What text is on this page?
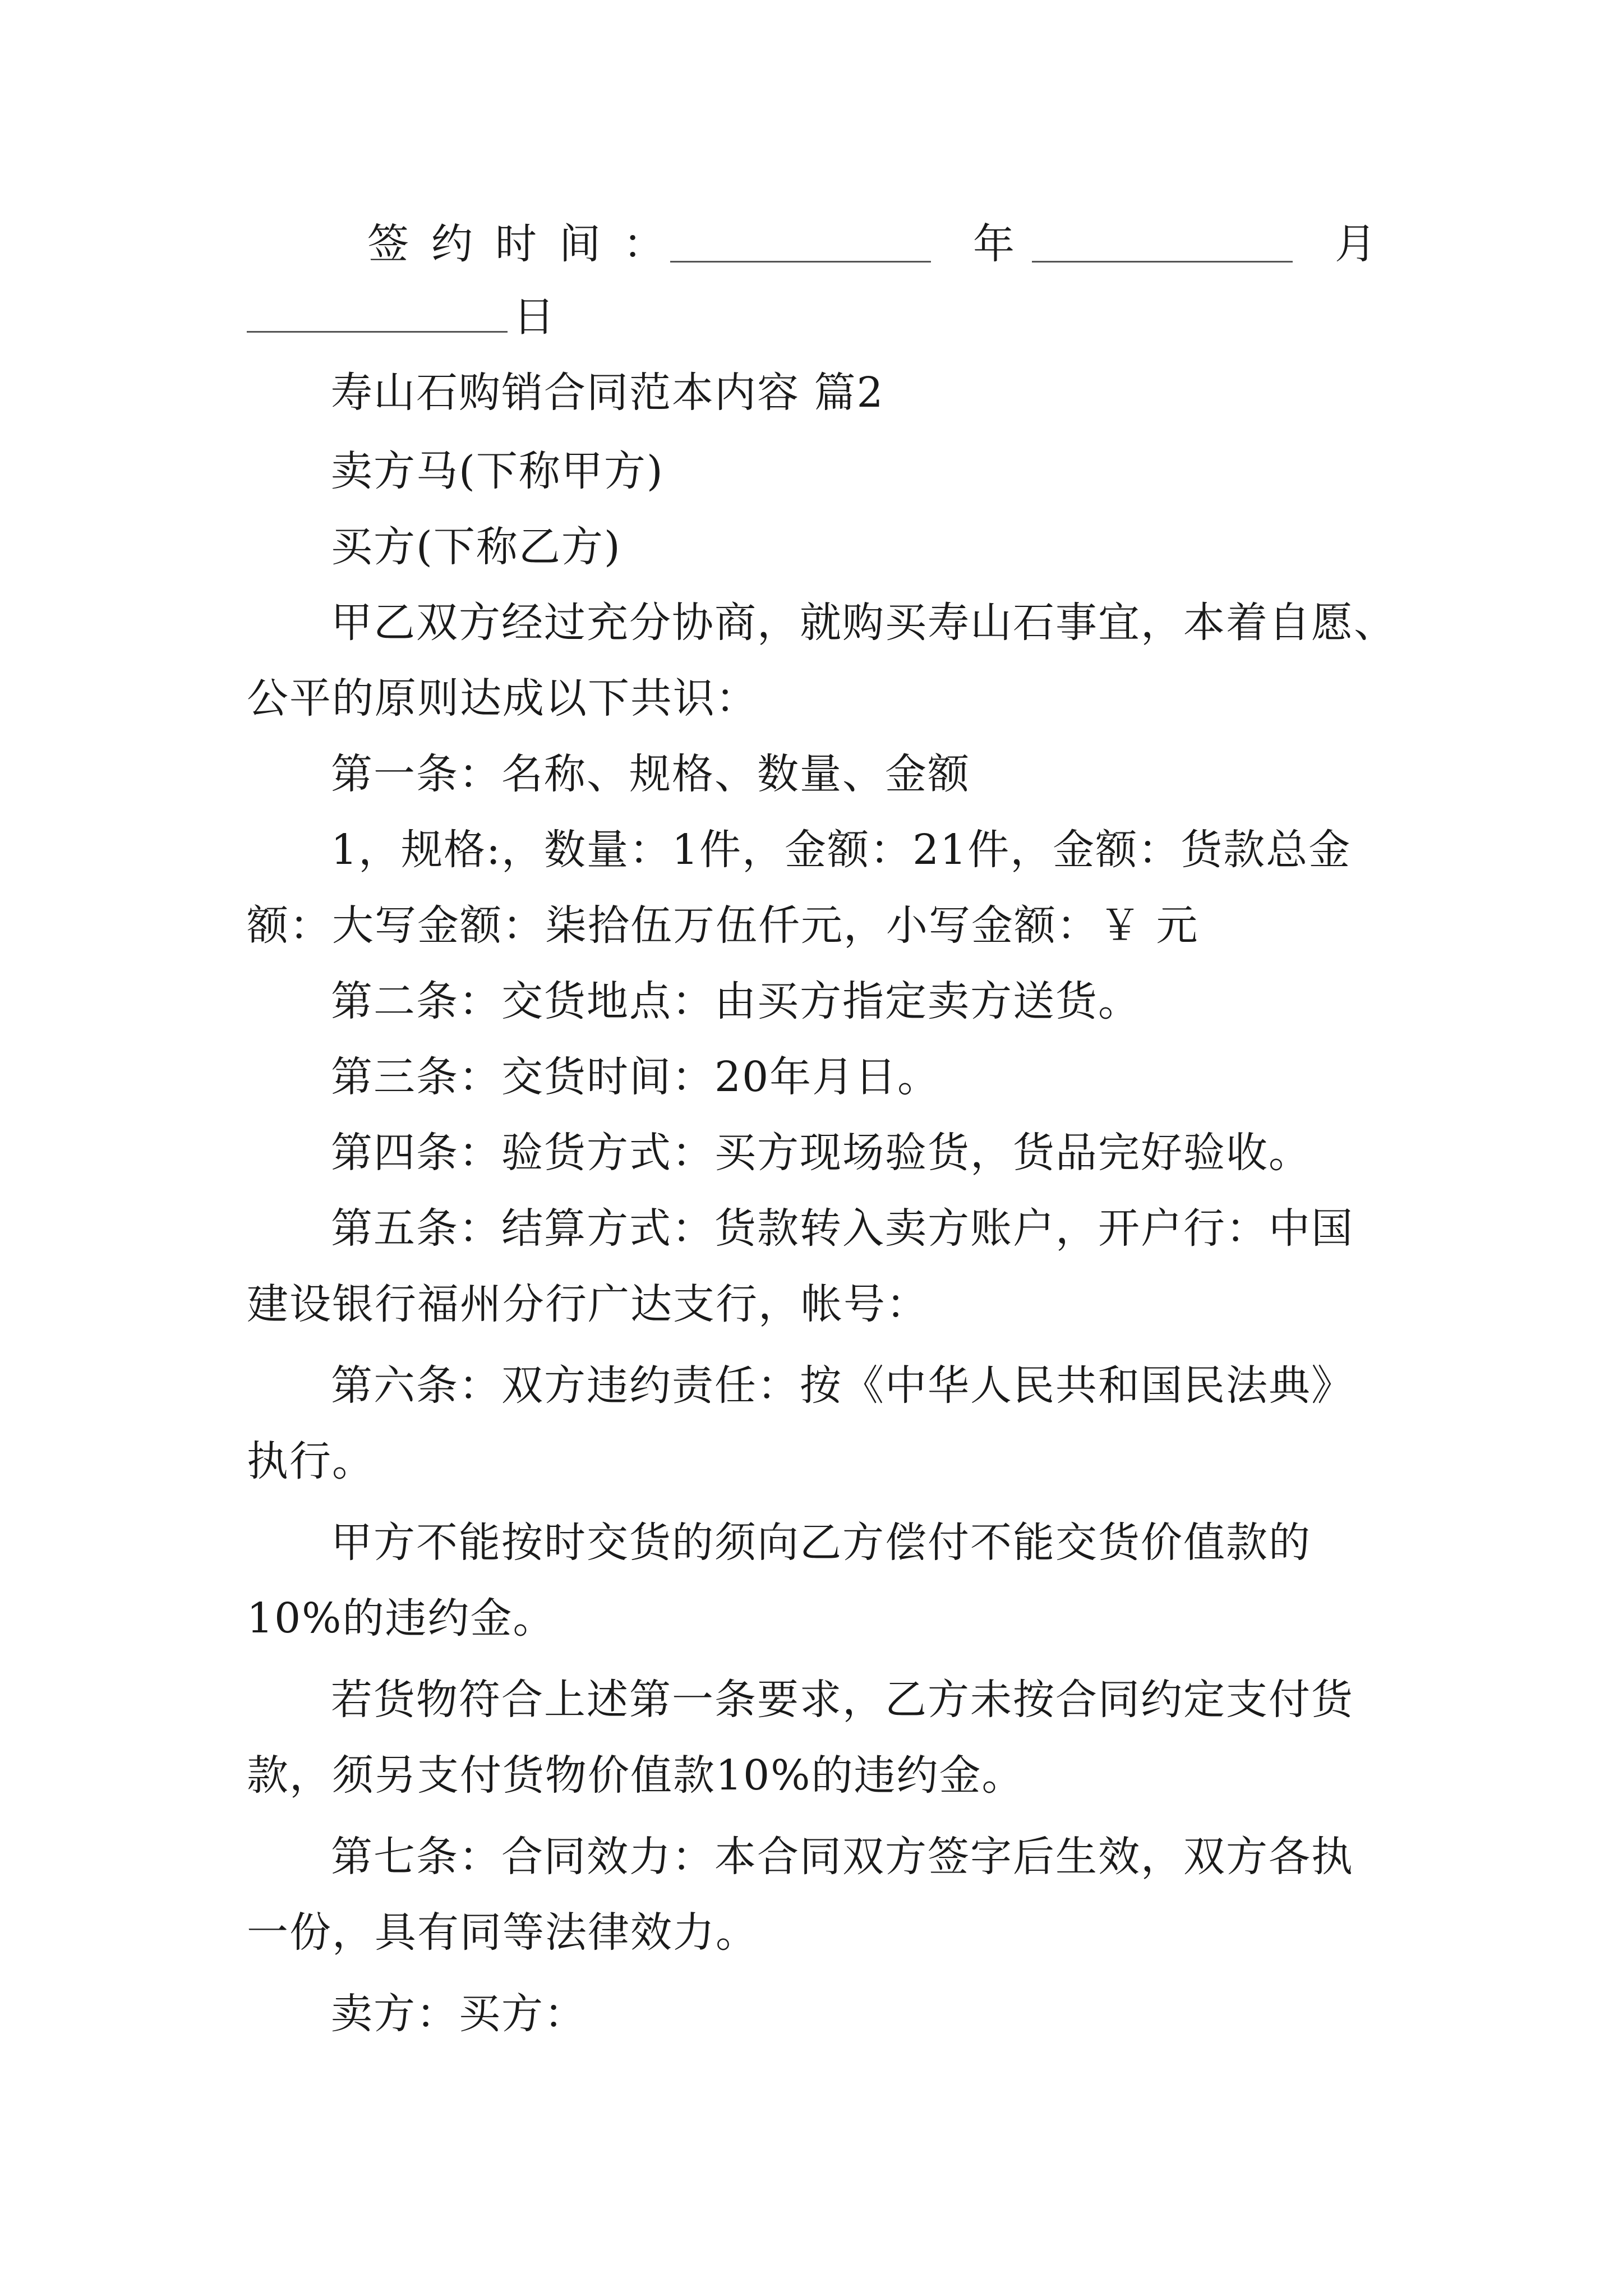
签约时间：	年	月
日
寿山石购销合同范本内容 篇2
卖方马(下称甲方)
买方(下称乙方)
甲乙双方经过充分协商，就购买寿山石事宜，本着自愿、
公平的原则达成以下共识：
第一条：名称、规格、数量、金额
1，规格:，数量：1件，金额：21件，金额：货款总金
额：大写金额：柒拾伍万伍仟元，小写金额：￥ 元
第二条：交货地点：由买方指定卖方送货。
第三条：交货时间：20年月日。
第四条：验货方式：买方现场验货，货品完好验收。
第五条：结算方式：货款转入卖方账户，开户行：中国
建设银行福州分行广达支行，帐号：
第六条：双方违约责任：按《中华人民共和国民法典》
执行。
甲方不能按时交货的须向乙方偿付不能交货价值款的
10%的违约金。
若货物符合上述第一条要求，乙方未按合同约定支付货
款，须另支付货物价值款10%的违约金。
第七条：合同效力：本合同双方签字后生效，双方各执
一份，具有同等法律效力。
卖方：买方：
